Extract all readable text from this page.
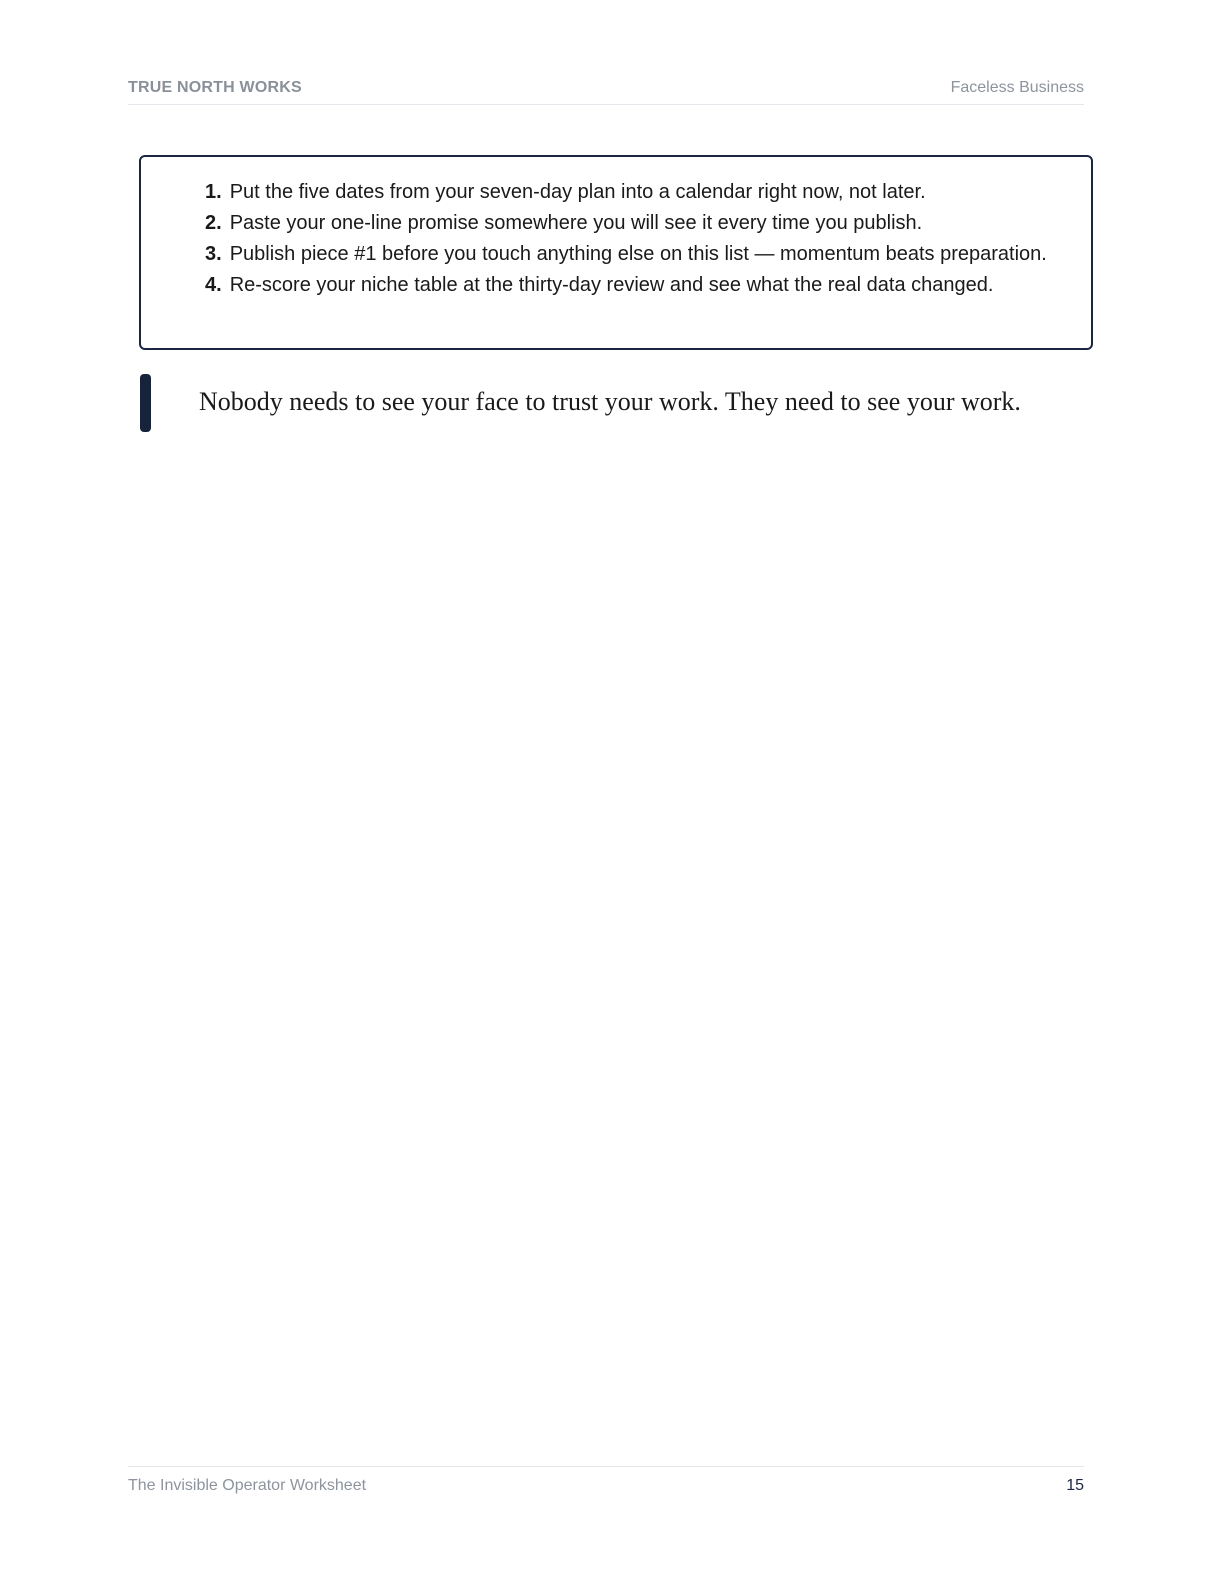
TRUE NORTH WORKS	Faceless Business
1. Put the five dates from your seven-day plan into a calendar right now, not later.
2. Paste your one-line promise somewhere you will see it every time you publish.
3. Publish piece #1 before you touch anything else on this list — momentum beats preparation.
4. Re-score your niche table at the thirty-day review and see what the real data changed.
Nobody needs to see your face to trust your work. They need to see your work.
The Invisible Operator Worksheet	15
